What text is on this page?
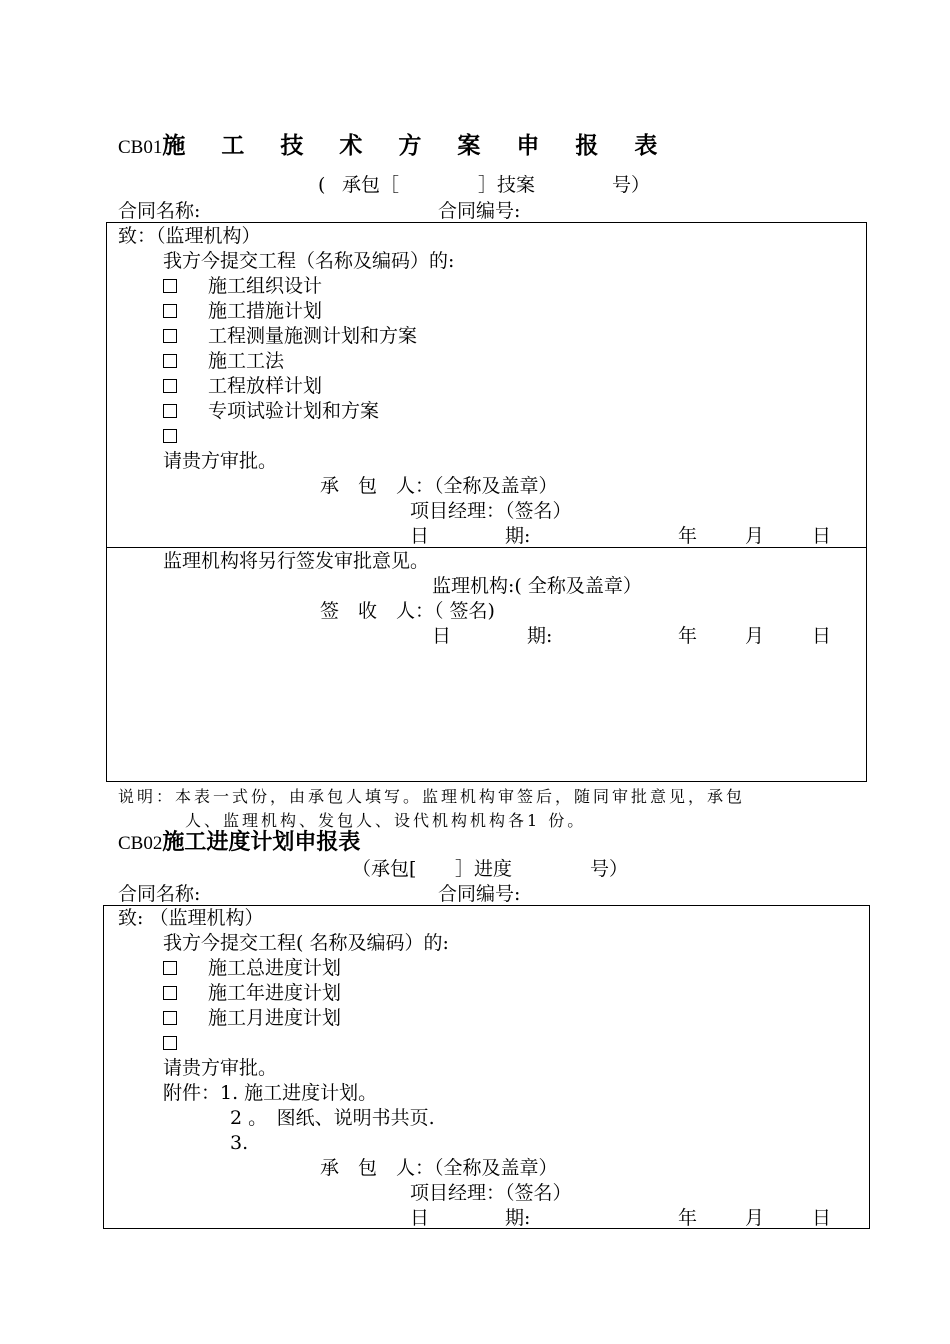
CB01施 工 技 术 方 案 申 报 表
( 承包［	］技案	号）
合同名称:	合同编号:
致：（监理机构）
我方今提交工程（名称及编码）的:
施工组织设计
施工措施计划
工程测量施测计划和方案
施工工法
工程放样计划
专项试验计划和方案
请贵方审批。
承　包　人：（全称及盖章）
项目经理：（签名）
日　　　　期:	年	月	日
监理机构将另行签发审批意见。
监理机构:( 全称及盖章）
签　收　人：（ 签名)
日　　　　期:	年	月	日
说明：本表一式份，由承包人填写。监理机构审签后，随同审批意见，承包
人、监理机构、发包人、设代机构机构各1 份。
CB02施工进度计划申报表
（承包[ ］进度	号）
合同名称:	合同编号:
致: （监理机构）
我方今提交工程( 名称及编码）的:
施工总进度计划
施工年进度计划
施工月进度计划
请贵方审批。
附件：1. 施工进度计划。
2 。　图纸、说明书共页.
3.
承　包　人：（全称及盖章）
项目经理：（签名）
日　　　　期:	年	月	日
